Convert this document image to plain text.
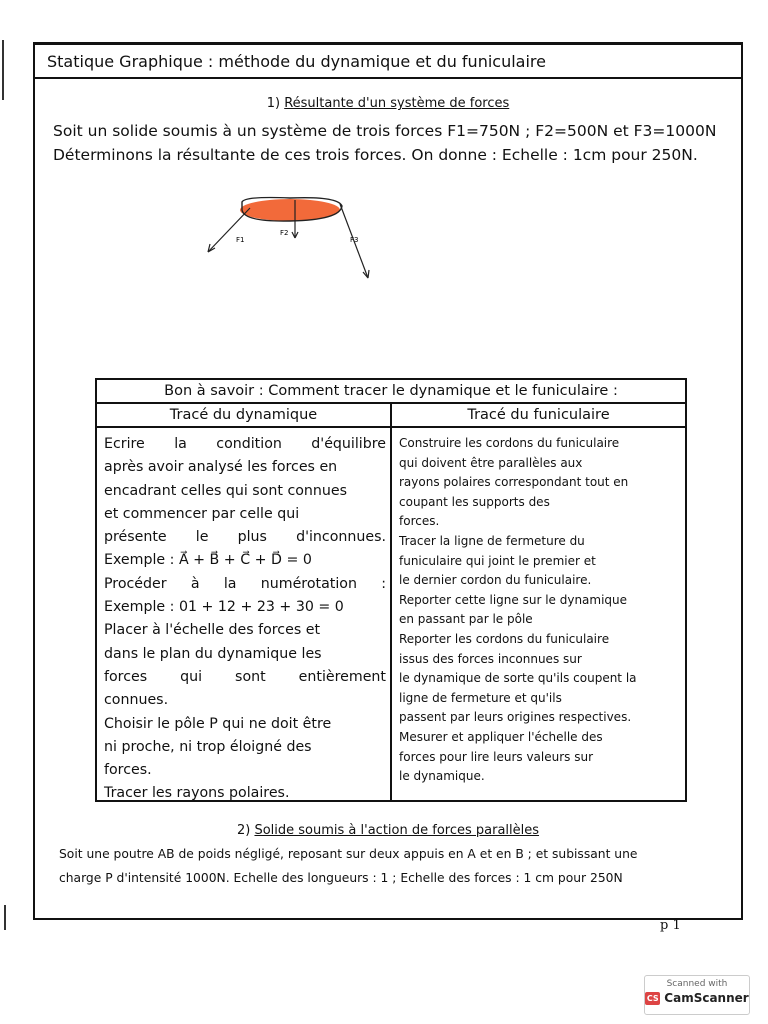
Statique Graphique : méthode du dynamique et du funiculaire
1) Résultante d'un système de forces
Soit un solide soumis à un système de trois forces F1=750N ; F2=500N et F3=1000N
Déterminons la résultante de ces trois forces. On donne : Echelle : 1cm pour 250N.
F1
F2
F3
Bon à savoir : Comment tracer le dynamique et le funiculaire :
Tracé du dynamique
Ecrire la condition d'équilibre
après avoir analysé les forces en
encadrant celles qui sont connues
et commencer par celle qui
présente le plus d'inconnues.
Exemple : A⃗ + B⃗ + C⃗ + D⃗ = 0
Procéder à la numérotation :
Exemple : 01 + 12 + 23 + 30 = 0
Placer à l'échelle des forces et
dans le plan du dynamique les
forces qui sont entièrement
connues.
Choisir le pôle P qui ne doit être
ni proche, ni trop éloigné des
forces.
Tracer les rayons polaires.
Tracé du funiculaire
Construire les cordons du funiculaire
qui doivent être parallèles aux
rayons polaires correspondant tout en
coupant les supports des
forces.
Tracer la ligne de fermeture du
funiculaire qui joint le premier et
le dernier cordon du funiculaire.
Reporter cette ligne sur le dynamique
en passant par le pôle
Reporter les cordons du funiculaire
issus des forces inconnues sur
le dynamique de sorte qu'ils coupent la
ligne de fermeture et qu'ils
passent par leurs origines respectives.
Mesurer et appliquer l'échelle des
forces pour lire leurs valeurs sur
le dynamique.
2) Solide soumis à l'action de forces parallèles
Soit une poutre AB de poids négligé, reposant sur deux appuis en A et en B ; et subissant une
charge P d'intensité 1000N. Echelle des longueurs : 1 ; Echelle des forces : 1 cm pour 250N
p 1
Scanned with
CS CamScanner
